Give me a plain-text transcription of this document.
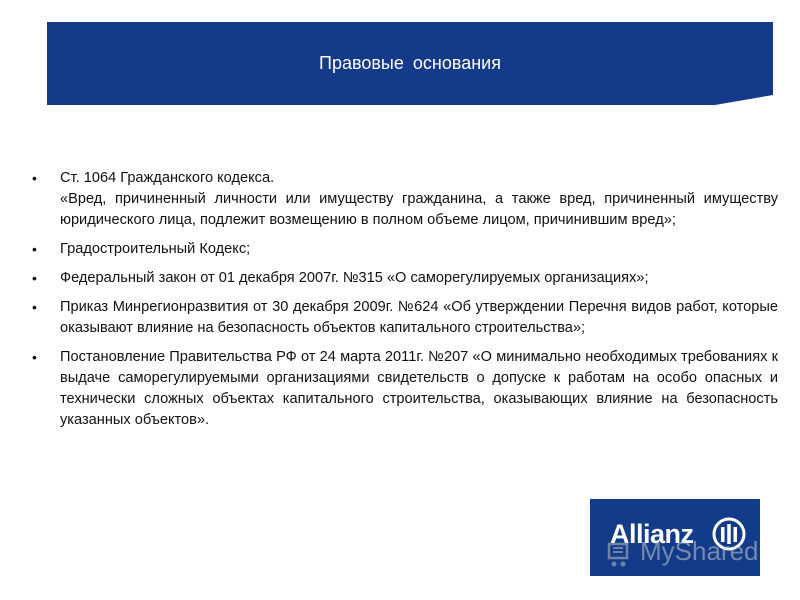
Правовые основания
• Ст. 1064 Гражданского кодекса.
«Вред, причиненный личности или имуществу гражданина, а также вред, причиненный имуществу юридического лица, подлежит возмещению в полном объеме лицом, причинившим вред»;
• Градостроительный Кодекс;
• Федеральный закон от 01 декабря 2007г. №315 «О саморегулируемых организациях»;
• Приказ Минрегионразвития от 30 декабря 2009г. №624 «Об утверждении Перечня видов работ, которые оказывают влияние на безопасность объектов капитального строительства»;
• Постановление Правительства РФ от 24 марта 2011г. №207 «О минимально необходимых требованиях к выдаче саморегулируемыми организациями свидетельств о допуске к работам на особо опасных и технически сложных объектах капитального строительства, оказывающих влияние на безопасность указанных объектов».
Allianz
MyShared
